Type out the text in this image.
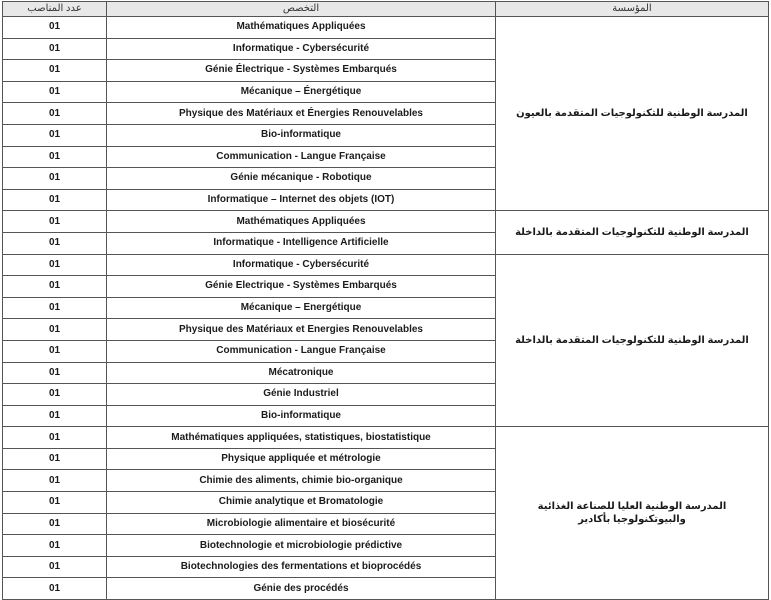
عدد المناصب	التخصص	المؤسسة
01	Mathématiques Appliquées	المدرسة الوطنية للتكنولوجيات المتقدمة بالعيون
01	Informatique - Cybersécurité	
01	Génie Électrique - Systèmes Embarqués	
01	Mécanique – Énergétique	
01	Physique des Matériaux et Énergies Renouvelables	
01	Bio-informatique	
01	Communication - Langue Française	
01	Génie mécanique - Robotique	
01	Informatique – Internet des objets (IOT)	
01	Mathématiques Appliquées	المدرسة الوطنية للتكنولوجيات المتقدمة بالداخلة
01	Informatique - Intelligence Artificielle	
01	Informatique - Cybersécurité	المدرسة الوطنية للتكنولوجيات المتقدمة بالداخلة
01	Génie Electrique - Systèmes Embarqués	
01	Mécanique – Energétique	
01	Physique des Matériaux et Energies Renouvelables	
01	Communication - Langue Française	
01	Mécatronique	
01	Génie Industriel	
01	Bio-informatique	
01	Mathématiques appliquées, statistiques, biostatistique	المدرسة الوطنية العليا للصناعة الغذائية والبيوتكنولوجيا بأكادير
01	Physique appliquée et métrologie	
01	Chimie des aliments, chimie bio-organique	
01	Chimie analytique et Bromatologie	
01	Microbiologie alimentaire et biosécurité	
01	Biotechnologie et microbiologie prédictive	
01	Biotechnologies des fermentations et bioprocédés	
01	Génie des procédés	
